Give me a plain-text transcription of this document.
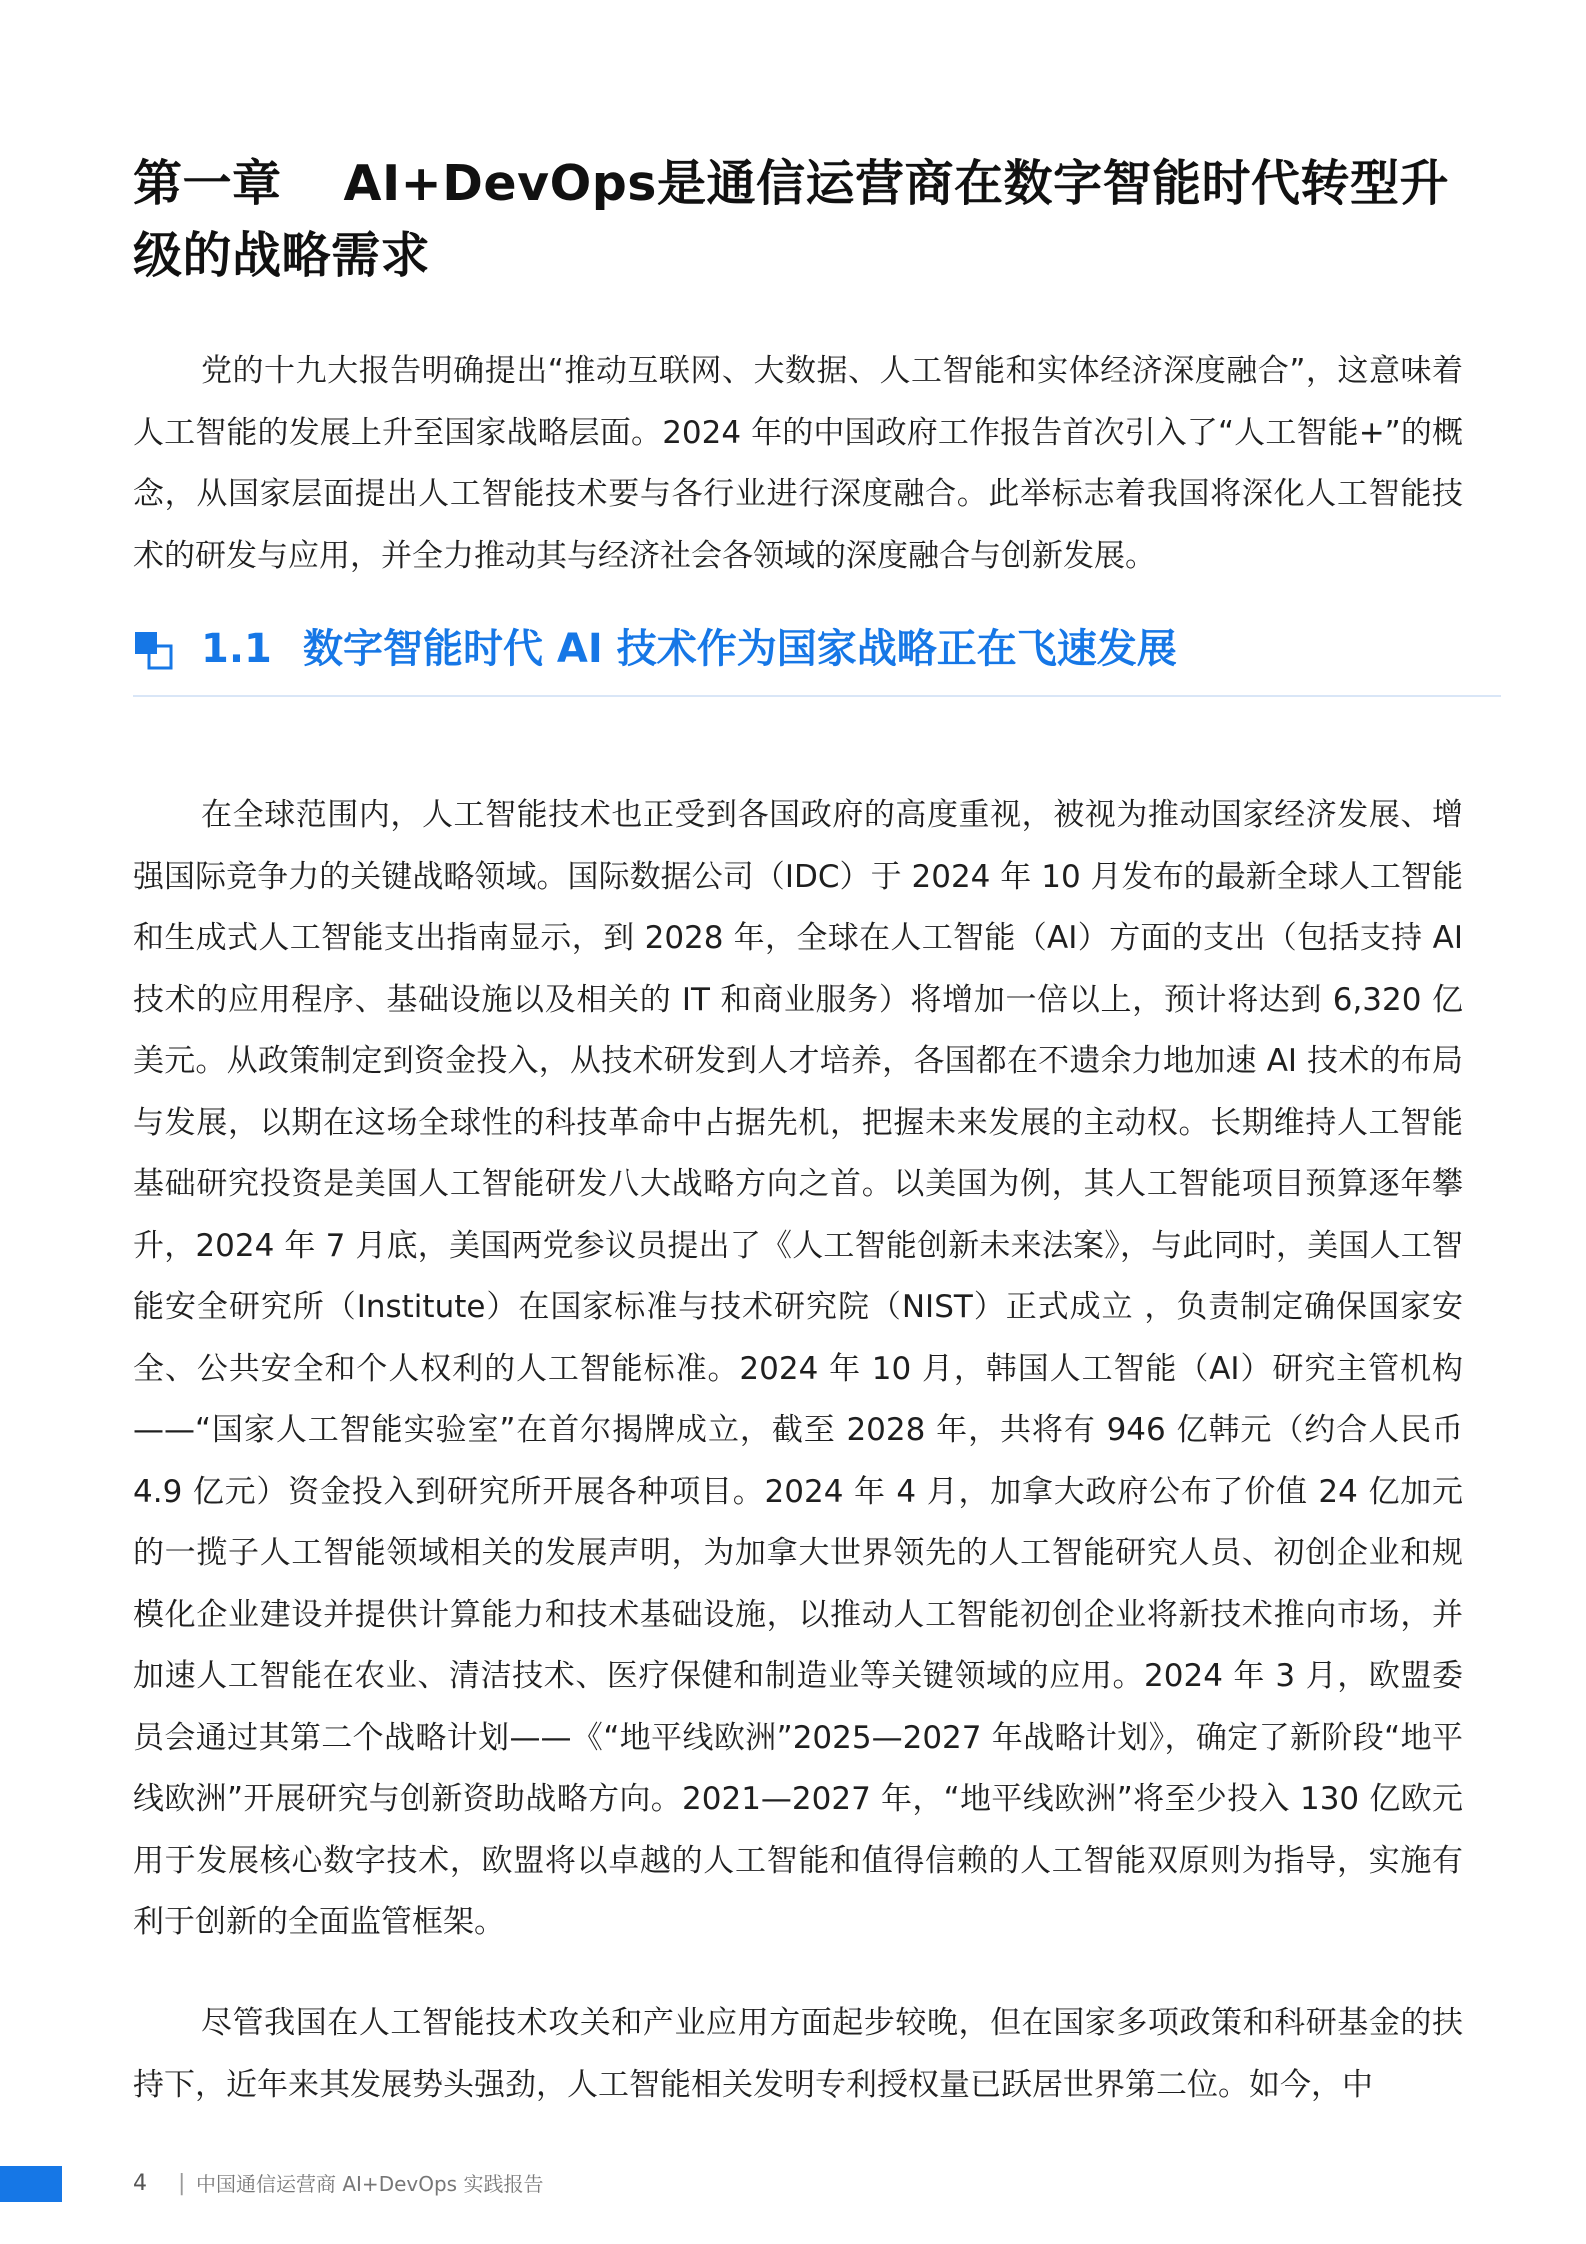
第一章 AI+DevOps是通信运营商在数字智能时代转型升级的战略需求

党的十九大报告明确提出“推动互联网、大数据、人工智能和实体经济深度融合”，这意味着人工智能的发展上升至国家战略层面。2024 年的中国政府工作报告首次引入了“人工智能+”的概念，从国家层面提出人工智能技术要与各行业进行深度融合。此举标志着我国将深化人工智能技术的研发与应用，并全力推动其与经济社会各领域的深度融合与创新发展。

1.1 数字智能时代 AI 技术作为国家战略正在飞速发展

在全球范围内，人工智能技术也正受到各国政府的高度重视，被视为推动国家经济发展、增强国际竞争力的关键战略领域。国际数据公司（IDC）于 2024 年 10 月发布的最新全球人工智能和生成式人工智能支出指南显示，到 2028 年，全球在人工智能（AI）方面的支出（包括支持 AI 技术的应用程序、基础设施以及相关的 IT 和商业服务）将增加一倍以上，预计将达到 6,320 亿美元。从政策制定到资金投入，从技术研发到人才培养，各国都在不遗余力地加速 AI 技术的布局与发展，以期在这场全球性的科技革命中占据先机，把握未来发展的主动权。长期维持人工智能基础研究投资是美国人工智能研发八大战略方向之首。以美国为例，其人工智能项目预算逐年攀升，2024 年 7 月底，美国两党参议员提出了《人工智能创新未来法案》，与此同时，美国人工智能安全研究所（Institute）在国家标准与技术研究院（NIST）正式成立 ，负责制定确保国家安全、公共安全和个人权利的人工智能标准。2024 年 10 月，韩国人工智能（AI）研究主管机构——“国家人工智能实验室”在首尔揭牌成立，截至 2028 年，共将有 946 亿韩元（约合人民币 4.9 亿元）资金投入到研究所开展各种项目。2024 年 4 月，加拿大政府公布了价值 24 亿加元的一揽子人工智能领域相关的发展声明，为加拿大世界领先的人工智能研究人员、初创企业和规模化企业建设并提供计算能力和技术基础设施，以推动人工智能初创企业将新技术推向市场，并加速人工智能在农业、清洁技术、医疗保健和制造业等关键领域的应用。2024 年 3 月，欧盟委员会通过其第二个战略计划——《“地平线欧洲”2025—2027 年战略计划》，确定了新阶段“地平线欧洲”开展研究与创新资助战略方向。2021—2027 年，“地平线欧洲”将至少投入 130 亿欧元用于发展核心数字技术，欧盟将以卓越的人工智能和值得信赖的人工智能双原则为指导，实施有利于创新的全面监管框架。

尽管我国在人工智能技术攻关和产业应用方面起步较晚，但在国家多项政策和科研基金的扶持下，近年来其发展势头强劲，人工智能相关发明专利授权量已跃居世界第二位。如今，中

4 | 中国通信运营商 AI+DevOps 实践报告
